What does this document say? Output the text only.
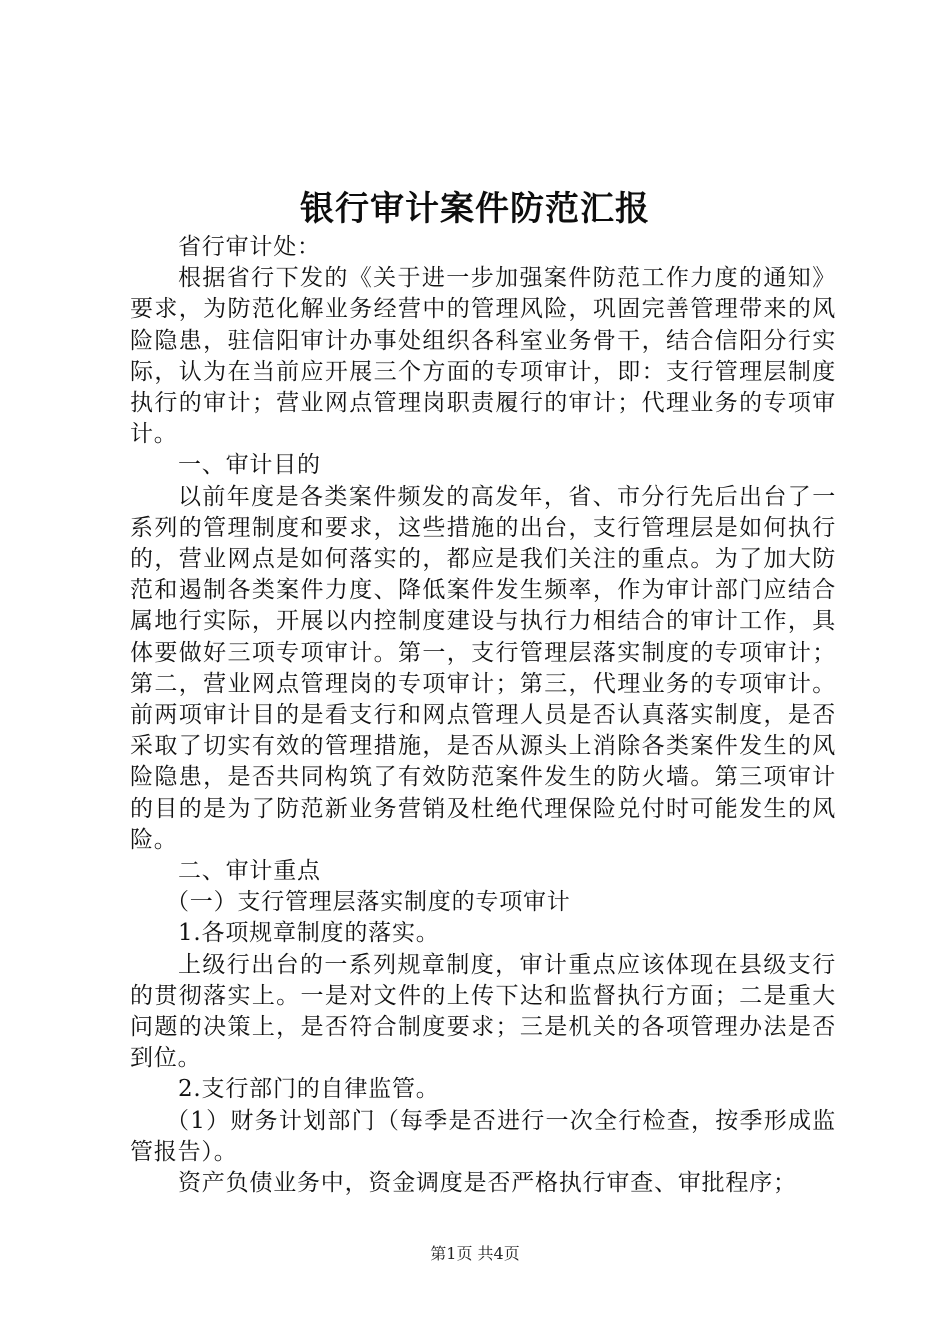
银行审计案件防范汇报

省行审计处：

根据省行下发的《关于进一步加强案件防范工作力度的通知》要求，为防范化解业务经营中的管理风险，巩固完善管理带来的风险隐患，驻信阳审计办事处组织各科室业务骨干，结合信阳分行实际，认为在当前应开展三个方面的专项审计，即：支行管理层制度执行的审计；营业网点管理岗职责履行的审计；代理业务的专项审计。

一、审计目的

以前年度是各类案件频发的高发年，省、市分行先后出台了一系列的管理制度和要求，这些措施的出台，支行管理层是如何执行的，营业网点是如何落实的，都应是我们关注的重点。为了加大防范和遏制各类案件力度、降低案件发生频率，作为审计部门应结合属地行实际，开展以内控制度建设与执行力相结合的审计工作，具体要做好三项专项审计。第一，支行管理层落实制度的专项审计；第二，营业网点管理岗的专项审计；第三，代理业务的专项审计。前两项审计目的是看支行和网点管理人员是否认真落实制度，是否采取了切实有效的管理措施，是否从源头上消除各类案件发生的风险隐患，是否共同构筑了有效防范案件发生的防火墙。第三项审计的目的是为了防范新业务营销及杜绝代理保险兑付时可能发生的风险。

二、审计重点

（一）支行管理层落实制度的专项审计

1.各项规章制度的落实。

上级行出台的一系列规章制度，审计重点应该体现在县级支行的贯彻落实上。一是对文件的上传下达和监督执行方面；二是重大问题的决策上，是否符合制度要求；三是机关的各项管理办法是否到位。

2.支行部门的自律监管。

（1）财务计划部门（每季是否进行一次全行检查，按季形成监管报告）。

资产负债业务中，资金调度是否严格执行审查、审批程序；

第1页 共4页
